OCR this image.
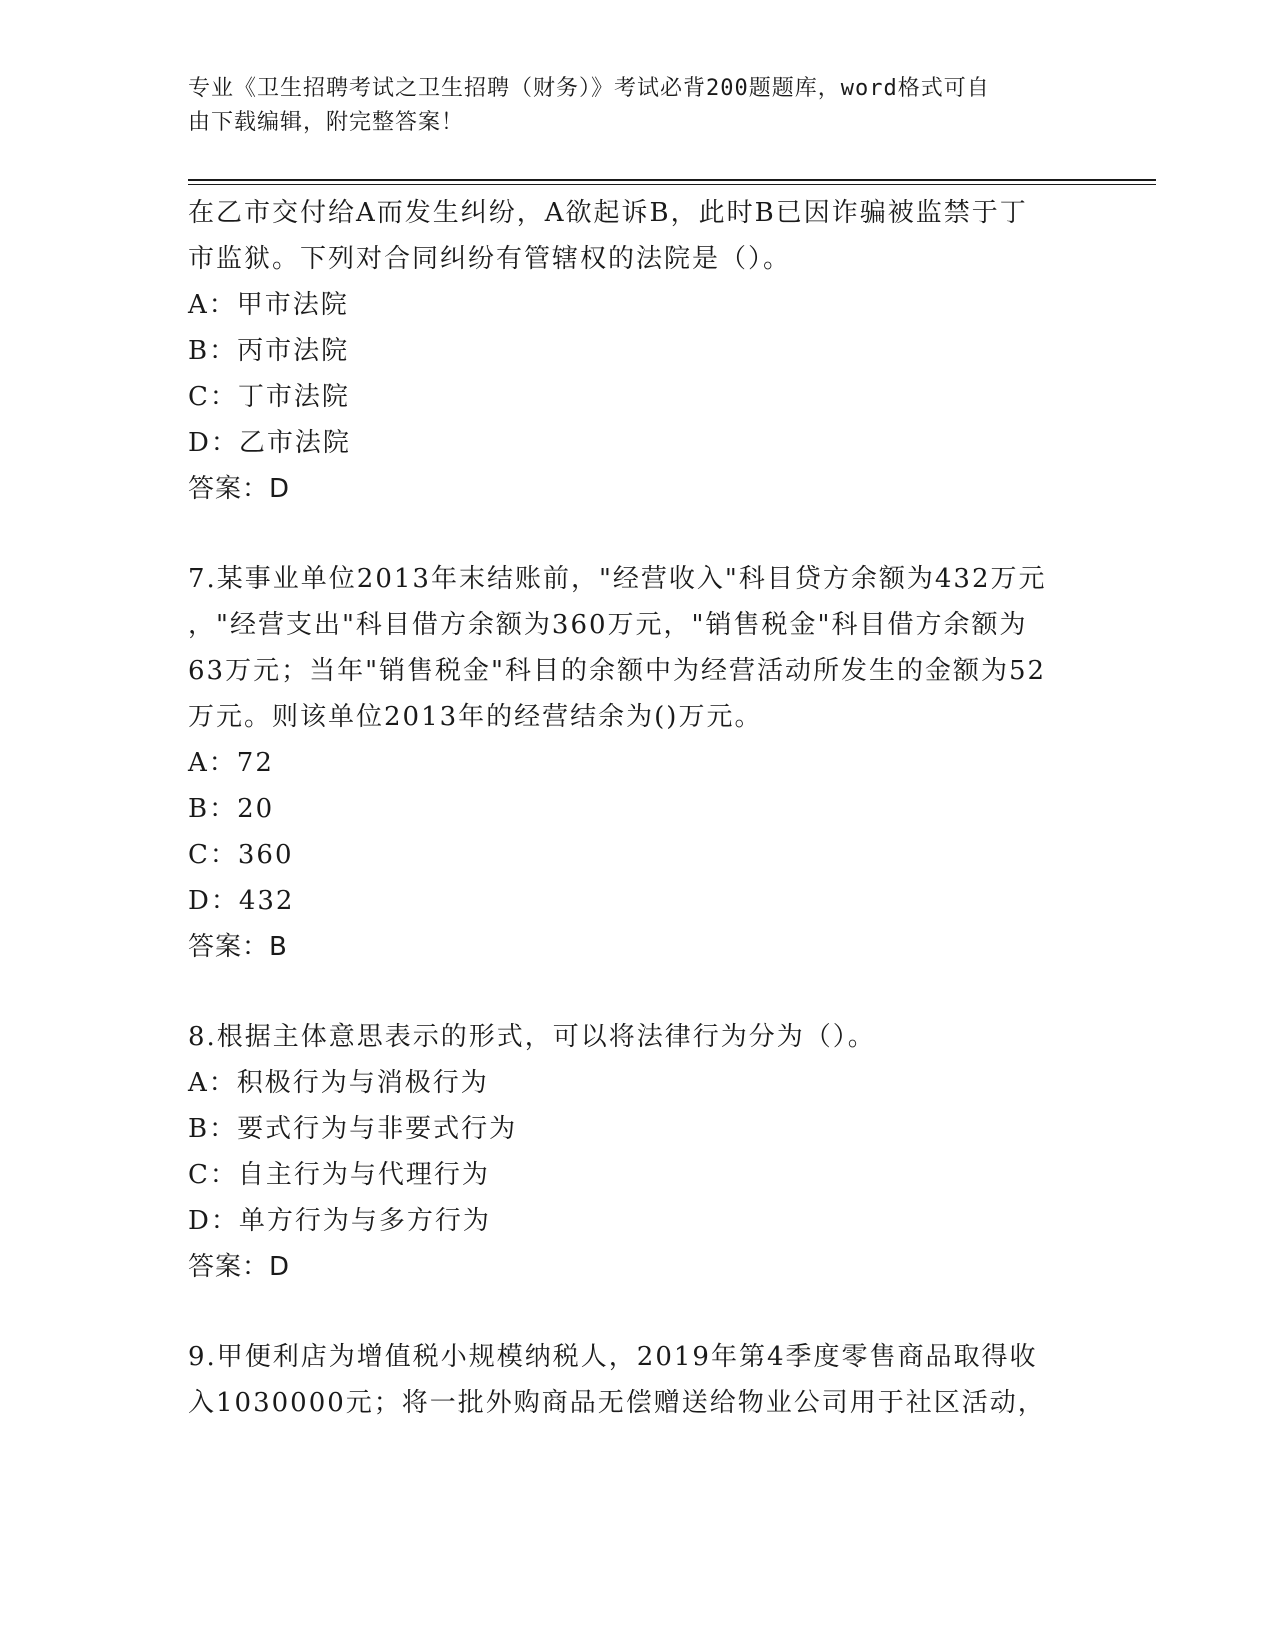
专业《卫生招聘考试之卫生招聘（财务）》考试必背200题题库，word格式可自
由下载编辑，附完整答案！
在乙市交付给A而发生纠纷，A欲起诉B，此时B已因诈骗被监禁于丁
市监狱。下列对合同纠纷有管辖权的法院是（）。
A：甲市法院
B：丙市法院
C：丁市法院
D：乙市法院
答案：D
7.某事业单位2013年末结账前，"经营收入"科目贷方余额为432万元
，"经营支出"科目借方余额为360万元，"销售税金"科目借方余额为
63万元；当年"销售税金"科目的余额中为经营活动所发生的金额为52
万元。则该单位2013年的经营结余为()万元。
A：72
B：20
C：360
D：432
答案：B
8.根据主体意思表示的形式，可以将法律行为分为（）。
A：积极行为与消极行为
B：要式行为与非要式行为
C：自主行为与代理行为
D：单方行为与多方行为
答案：D
9.甲便利店为增值税小规模纳税人，2019年第4季度零售商品取得收
入1030000元；将一批外购商品无偿赠送给物业公司用于社区活动，
